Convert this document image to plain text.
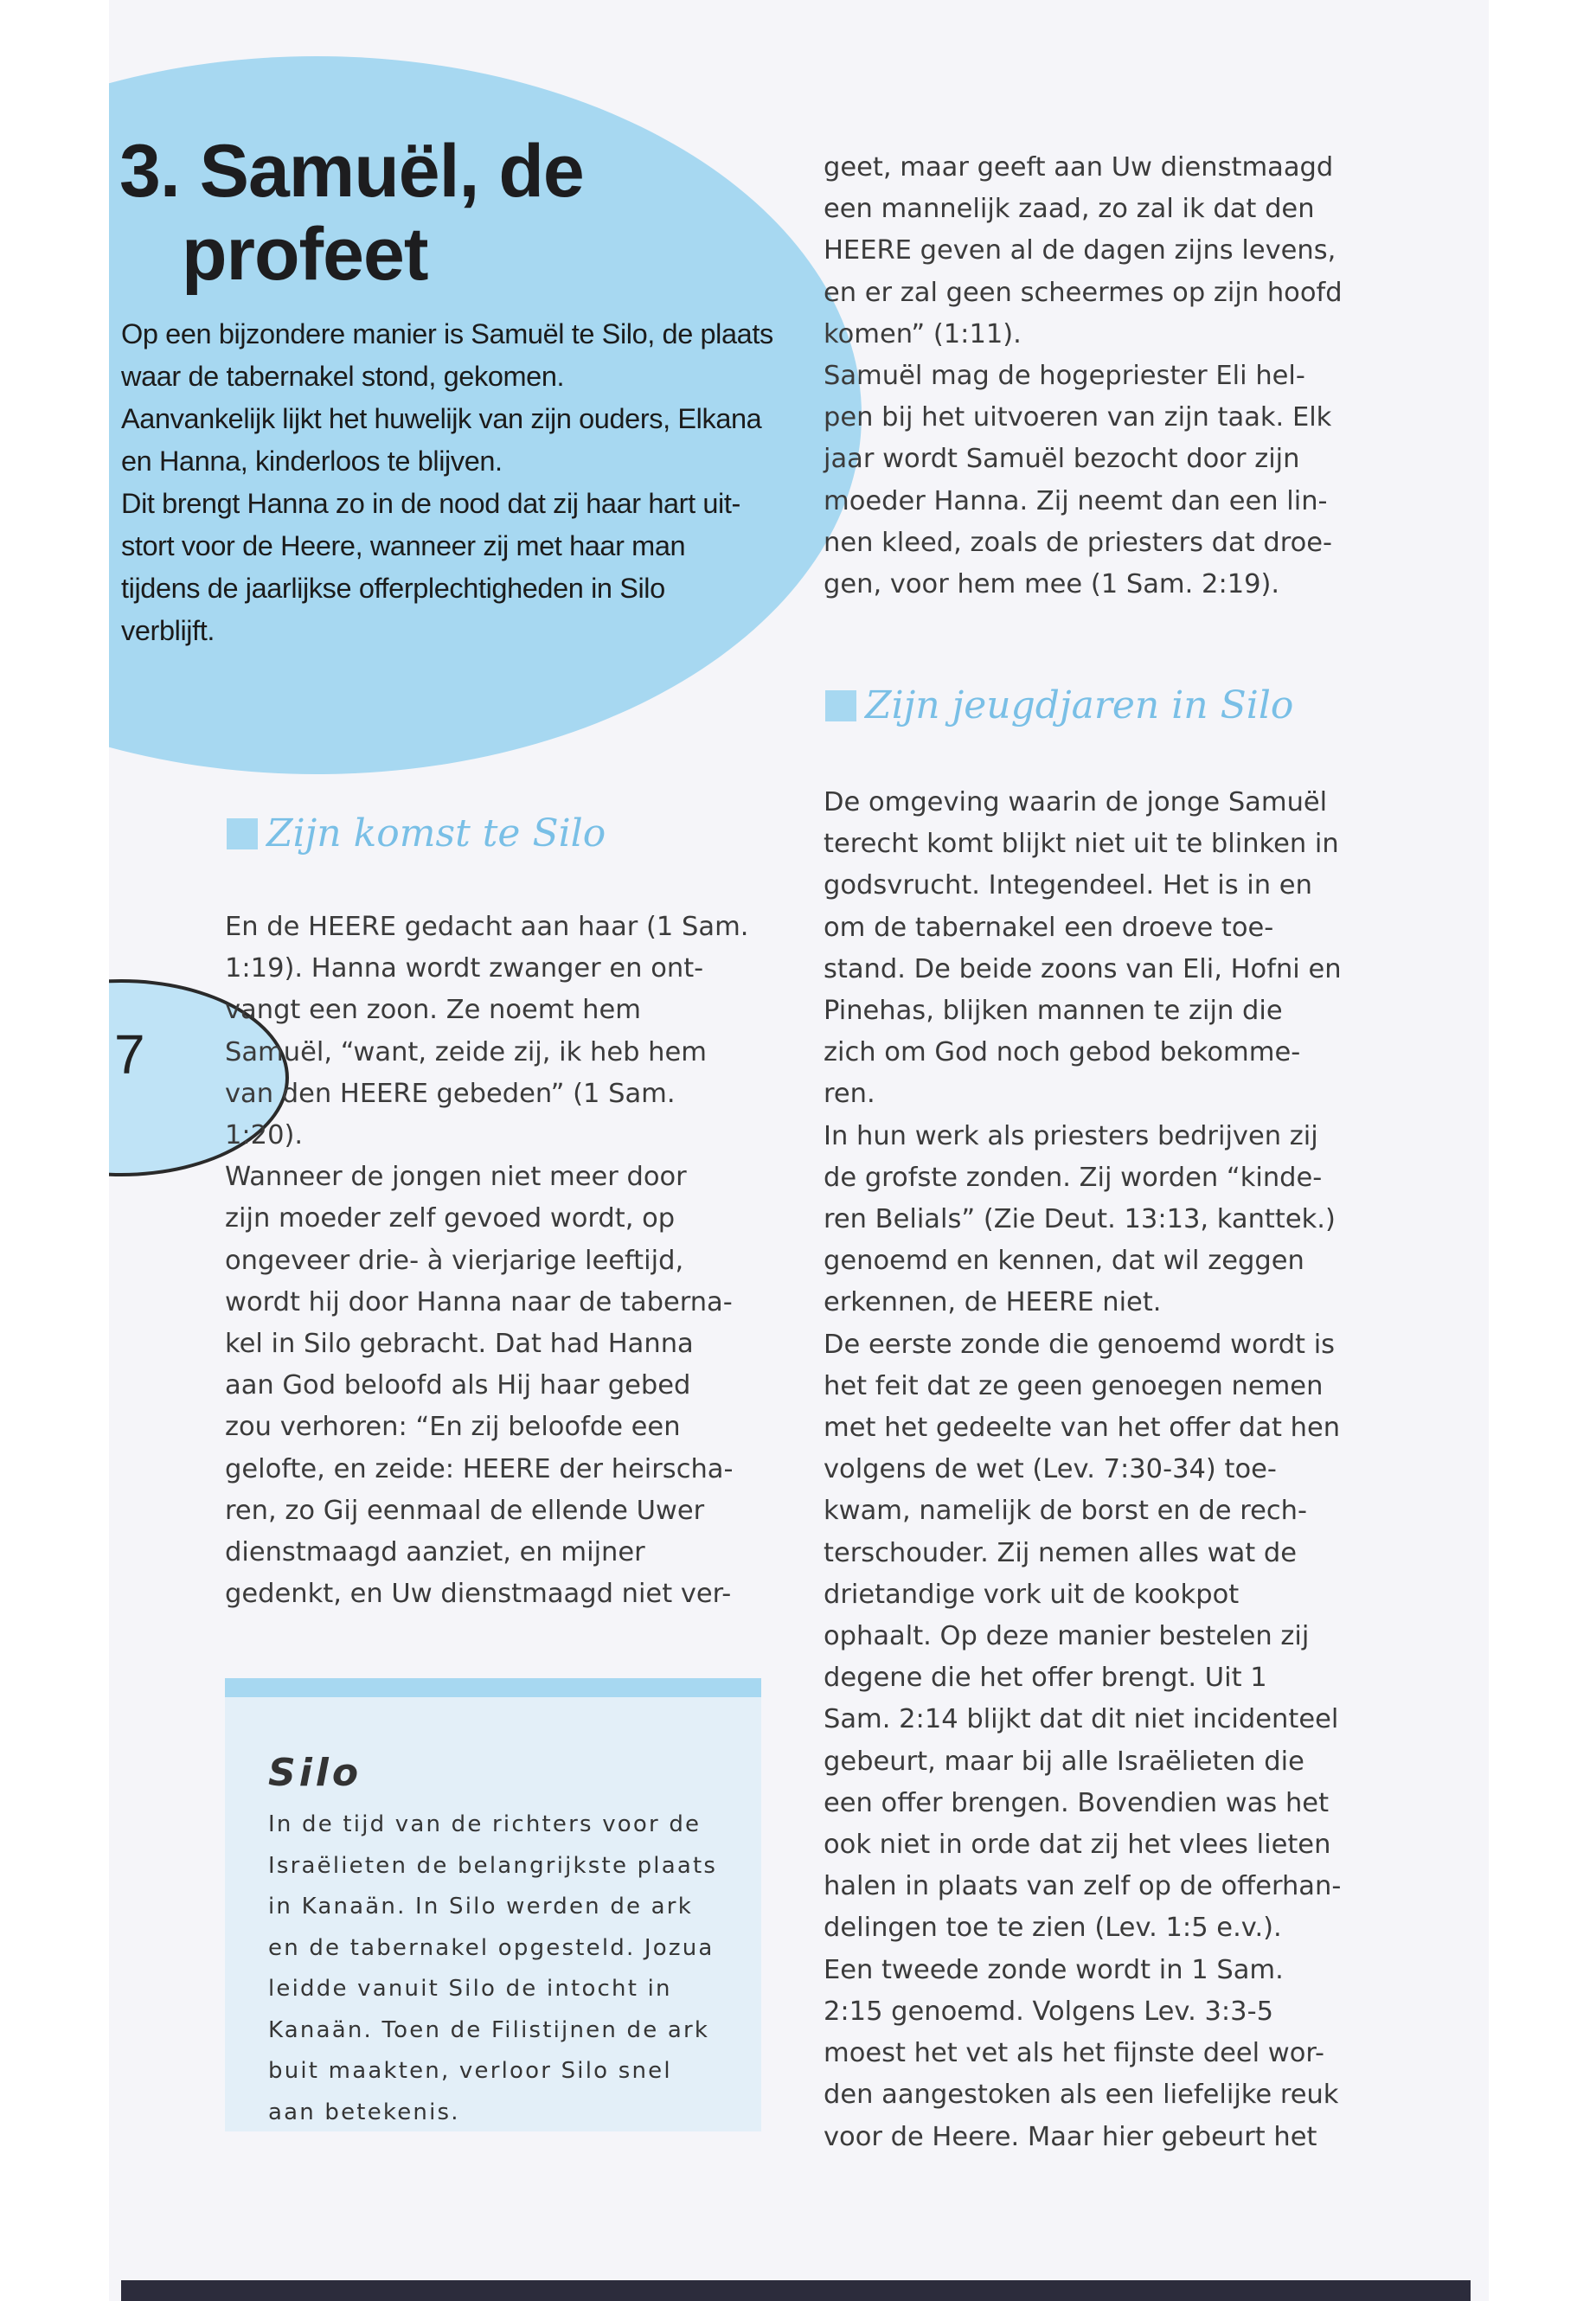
7
3. Samuël, de
profeet
Op een bijzondere manier is Samuël te Silo, de plaats
waar de tabernakel stond, gekomen.
Aanvankelijk lijkt het huwelijk van zijn ouders, Elkana
en Hanna, kinderloos te blijven.
Dit brengt Hanna zo in de nood dat zij haar hart uit-
stort voor de Heere, wanneer zij met haar man
tijdens de jaarlijkse offerplechtigheden in Silo
verblijft.
Zijn komst te Silo
En de HEERE gedacht aan haar (1 Sam.
1:19). Hanna wordt zwanger en ont-
vangt een zoon. Ze noemt hem
Samuël, “want, zeide zij, ik heb hem
van den HEERE gebeden” (1 Sam.
1:20).
Wanneer de jongen niet meer door
zijn moeder zelf gevoed wordt, op
ongeveer drie- à vierjarige leeftijd,
wordt hij door Hanna naar de taberna-
kel in Silo gebracht. Dat had Hanna
aan God beloofd als Hij haar gebed
zou verhoren: “En zij beloofde een
gelofte, en zeide: HEERE der heirscha-
ren, zo Gij eenmaal de ellende Uwer
dienstmaagd aanziet, en mijner
gedenkt, en Uw dienstmaagd niet ver-
Silo
In de tijd van de richters voor de
Israëlieten de belangrijkste plaats
in Kanaän. In Silo werden de ark
en de tabernakel opgesteld. Jozua
leidde vanuit Silo de intocht in
Kanaän. Toen de Filistijnen de ark
buit maakten, verloor Silo snel
aan betekenis.
geet, maar geeft aan Uw dienstmaagd
een mannelijk zaad, zo zal ik dat den
HEERE geven al de dagen zijns levens,
en er zal geen scheermes op zijn hoofd
komen” (1:11).
Samuël mag de hogepriester Eli hel-
pen bij het uitvoeren van zijn taak. Elk
jaar wordt Samuël bezocht door zijn
moeder Hanna. Zij neemt dan een lin-
nen kleed, zoals de priesters dat droe-
gen, voor hem mee (1 Sam. 2:19).
Zijn jeugdjaren in Silo
De omgeving waarin de jonge Samuël
terecht komt blijkt niet uit te blinken in
godsvrucht. Integendeel. Het is in en
om de tabernakel een droeve toe-
stand. De beide zoons van Eli, Hofni en
Pinehas, blijken mannen te zijn die
zich om God noch gebod bekomme-
ren.
In hun werk als priesters bedrijven zij
de grofste zonden. Zij worden “kinde-
ren Belials” (Zie Deut. 13:13, kanttek.)
genoemd en kennen, dat wil zeggen
erkennen, de HEERE niet.
De eerste zonde die genoemd wordt is
het feit dat ze geen genoegen nemen
met het gedeelte van het offer dat hen
volgens de wet (Lev. 7:30-34) toe-
kwam, namelijk de borst en de rech-
terschouder. Zij nemen alles wat de
drietandige vork uit de kookpot
ophaalt. Op deze manier bestelen zij
degene die het offer brengt. Uit 1
Sam. 2:14 blijkt dat dit niet incidenteel
gebeurt, maar bij alle Israëlieten die
een offer brengen. Bovendien was het
ook niet in orde dat zij het vlees lieten
halen in plaats van zelf op de offerhan-
delingen toe te zien (Lev. 1:5 e.v.).
Een tweede zonde wordt in 1 Sam.
2:15 genoemd. Volgens Lev. 3:3-5
moest het vet als het fijnste deel wor-
den aangestoken als een liefelijke reuk
voor de Heere. Maar hier gebeurt het
